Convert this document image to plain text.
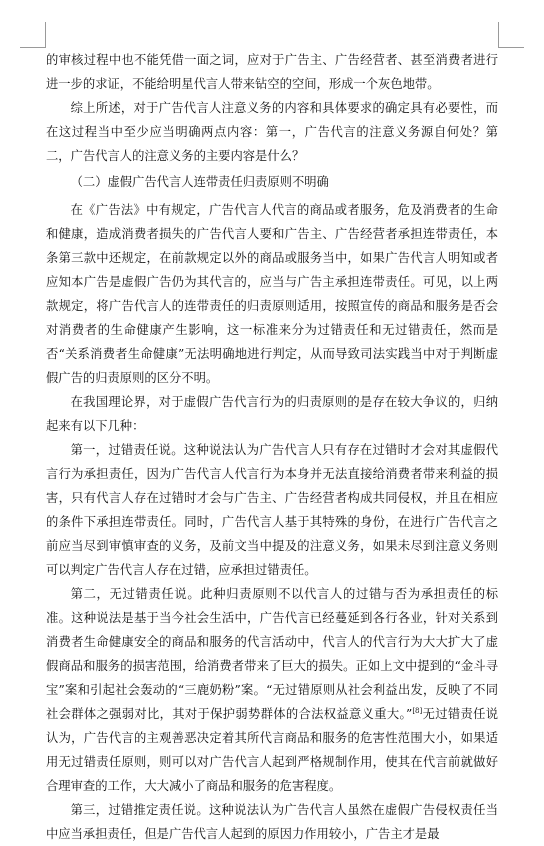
的审核过程中也不能凭借一面之词，应对于广告主、广告经营者、甚至消费者进行进一步的求证，不能给明星代言人带来钻空的空间，形成一个灰色地带。

综上所述，对于广告代言人注意义务的内容和具体要求的确定具有必要性，而在这过程当中至少应当明确两点内容：第一，广告代言的注意义务源自何处？第二，广告代言人的注意义务的主要内容是什么？

（二）虚假广告代言人连带责任归责原则不明确

在《广告法》中有规定，广告代言人代言的商品或者服务，危及消费者的生命和健康，造成消费者损失的广告代言人要和广告主、广告经营者承担连带责任，本条第三款中还规定，在前款规定以外的商品或服务当中，如果广告代言人明知或者应知本广告是虚假广告仍为其代言的，应当与广告主承担连带责任。可见，以上两款规定，将广告代言人的连带责任的归责原则适用，按照宣传的商品和服务是否会对消费者的生命健康产生影响，这一标准来分为过错责任和无过错责任，然而是否“关系消费者生命健康”无法明确地进行判定，从而导致司法实践当中对于判断虚假广告的归责原则的区分不明。

在我国理论界，对于虚假广告代言行为的归责原则的是存在较大争议的，归纳起来有以下几种：

第一，过错责任说。这种说法认为广告代言人只有存在过错时才会对其虚假代言行为承担责任，因为广告代言人代言行为本身并无法直接给消费者带来利益的损害，只有代言人存在过错时才会与广告主、广告经营者构成共同侵权，并且在相应的条件下承担连带责任。同时，广告代言人基于其特殊的身份，在进行广告代言之前应当尽到审慎审查的义务，及前文当中提及的注意义务，如果未尽到注意义务则可以判定广告代言人存在过错，应承担过错责任。

第二，无过错责任说。此种归责原则不以代言人的过错与否为承担责任的标准。这种说法是基于当今社会生活中，广告代言已经蔓延到各行各业，针对关系到消费者生命健康安全的商品和服务的代言活动中，代言人的代言行为大大扩大了虚假商品和服务的损害范围，给消费者带来了巨大的损失。正如上文中提到的“金斗寻宝”案和引起社会轰动的“三鹿奶粉”案。“无过错原则从社会利益出发，反映了不同社会群体之强弱对比，其对于保护弱势群体的合法权益意义重大。”[8]无过错责任说认为，广告代言的主观善恶决定着其所代言商品和服务的危害性范围大小，如果适用无过错责任原则，则可以对广告代言人起到严格规制作用，使其在代言前就做好合理审查的工作，大大减小了商品和服务的危害程度。

第三，过错推定责任说。这种说法认为广告代言人虽然在虚假广告侵权责任当中应当承担责任，但是广告代言人起到的原因力作用较小，广告主才是最
